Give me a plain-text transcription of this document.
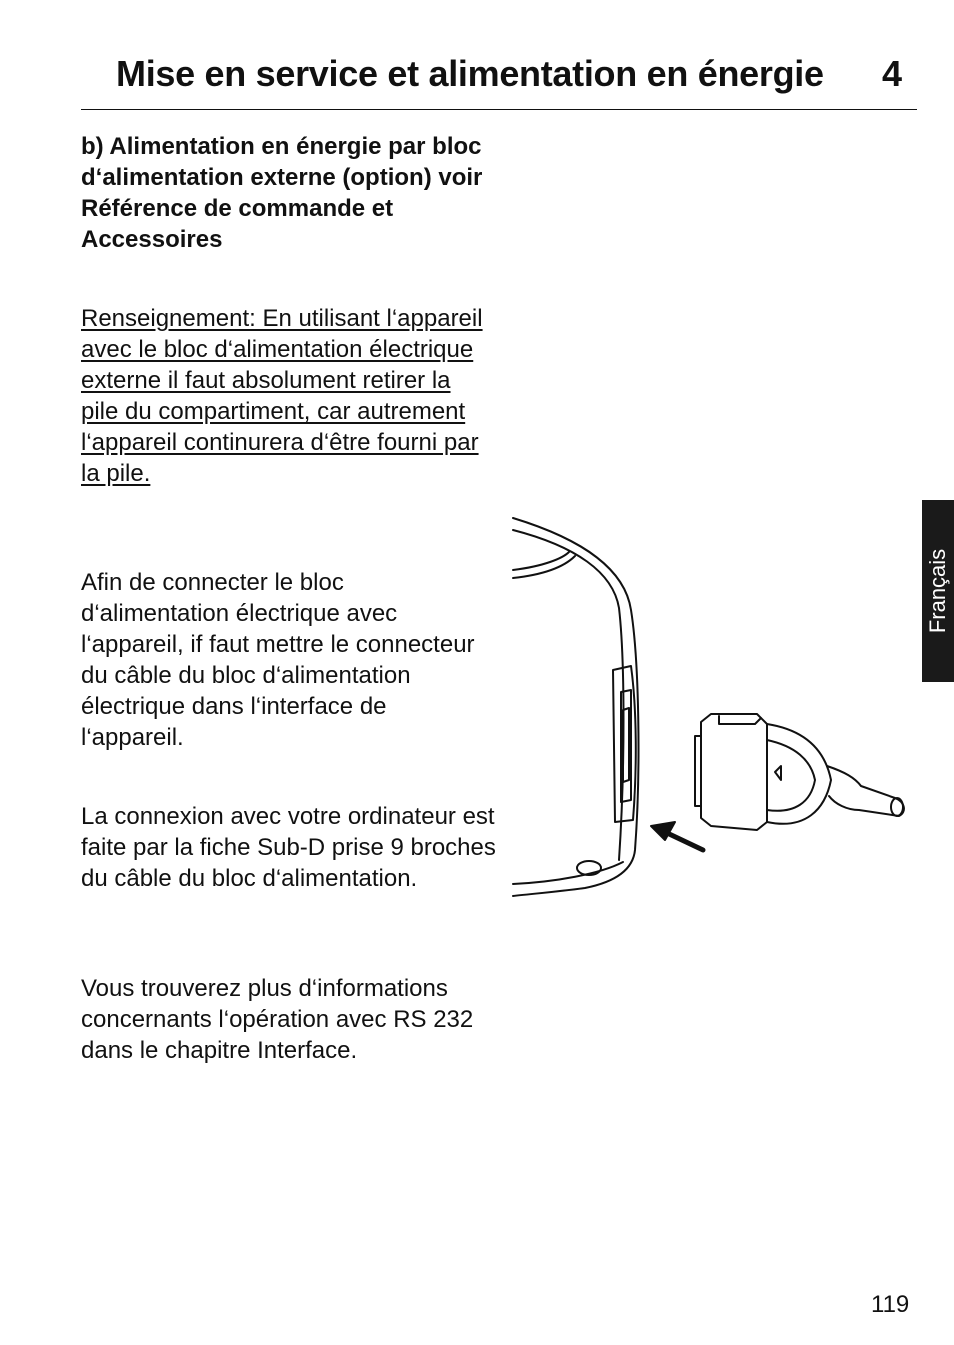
Mise en service et alimentation en énergie 4
b) Alimentation en énergie par bloc d‘alimentation externe (option) voir Référence de commande et Accessoires
Renseignement: En utilisant l‘appareil avec le bloc d‘alimentation électrique externe il faut absolument retirer la pile du compartiment, car autrement l‘appareil continurera d‘être fourni par la pile.
Afin de connecter le bloc d‘alimentation électrique avec l‘appareil, if faut mettre le connecteur du câble du bloc d‘alimentation électrique dans l‘interface de l‘appareil.
La connexion avec votre ordinateur est faite par la fiche Sub-D prise 9 broches du câble du bloc d‘alimentation.
Vous trouverez plus d‘informations concernants l‘opération avec RS 232 dans le chapitre Interface.
Français
119
